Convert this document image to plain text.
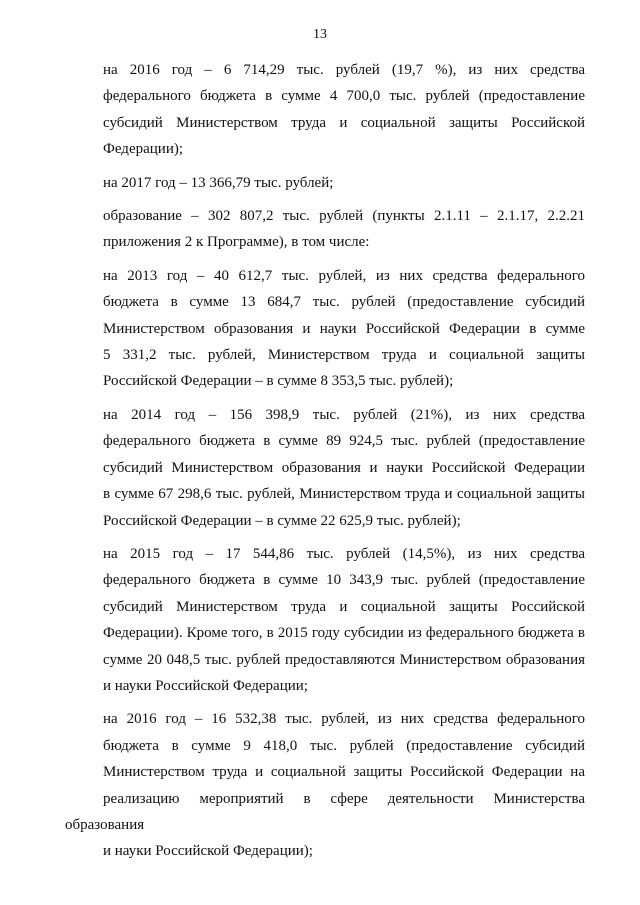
13

на 2016 год – 6 714,29 тыс. рублей (19,7 %), из них средства
федерального бюджета в сумме 4 700,0 тыс. рублей (предоставление
субсидий Министерством труда и социальной защиты Российской
Федерации);

на 2017 год – 13 366,79 тыс. рублей;

образование – 302 807,2 тыс. рублей (пункты 2.1.11 – 2.1.17, 2.2.21
приложения 2 к Программе), в том числе:

на 2013 год – 40 612,7 тыс. рублей, из них средства федерального
бюджета в сумме 13 684,7 тыс. рублей (предоставление субсидий
Министерством образования и науки Российской Федерации в сумме
5 331,2 тыс. рублей, Министерством труда и социальной защиты
Российской Федерации – в сумме 8 353,5 тыс. рублей);

на 2014 год – 156 398,9 тыс. рублей (21%), из них средства
федерального бюджета в сумме 89 924,5 тыс. рублей (предоставление
субсидий Министерством образования и науки Российской Федерации
в сумме 67 298,6 тыс. рублей, Министерством труда и социальной защиты
Российской Федерации – в сумме 22 625,9 тыс. рублей);

на 2015 год – 17 544,86 тыс. рублей (14,5%), из них средства
федерального бюджета в сумме 10 343,9 тыс. рублей (предоставление
субсидий Министерством труда и социальной защиты Российской
Федерации). Кроме того, в 2015 году субсидии из федерального бюджета в
сумме 20 048,5 тыс. рублей предоставляются Министерством образования
и науки Российской Федерации;

на 2016 год – 16 532,38 тыс. рублей, из них средства федерального
бюджета в сумме 9 418,0 тыс. рублей (предоставление субсидий
Министерством труда и социальной защиты Российской Федерации на
реализацию мероприятий в сфере деятельности Министерства образования
и науки Российской Федерации);
